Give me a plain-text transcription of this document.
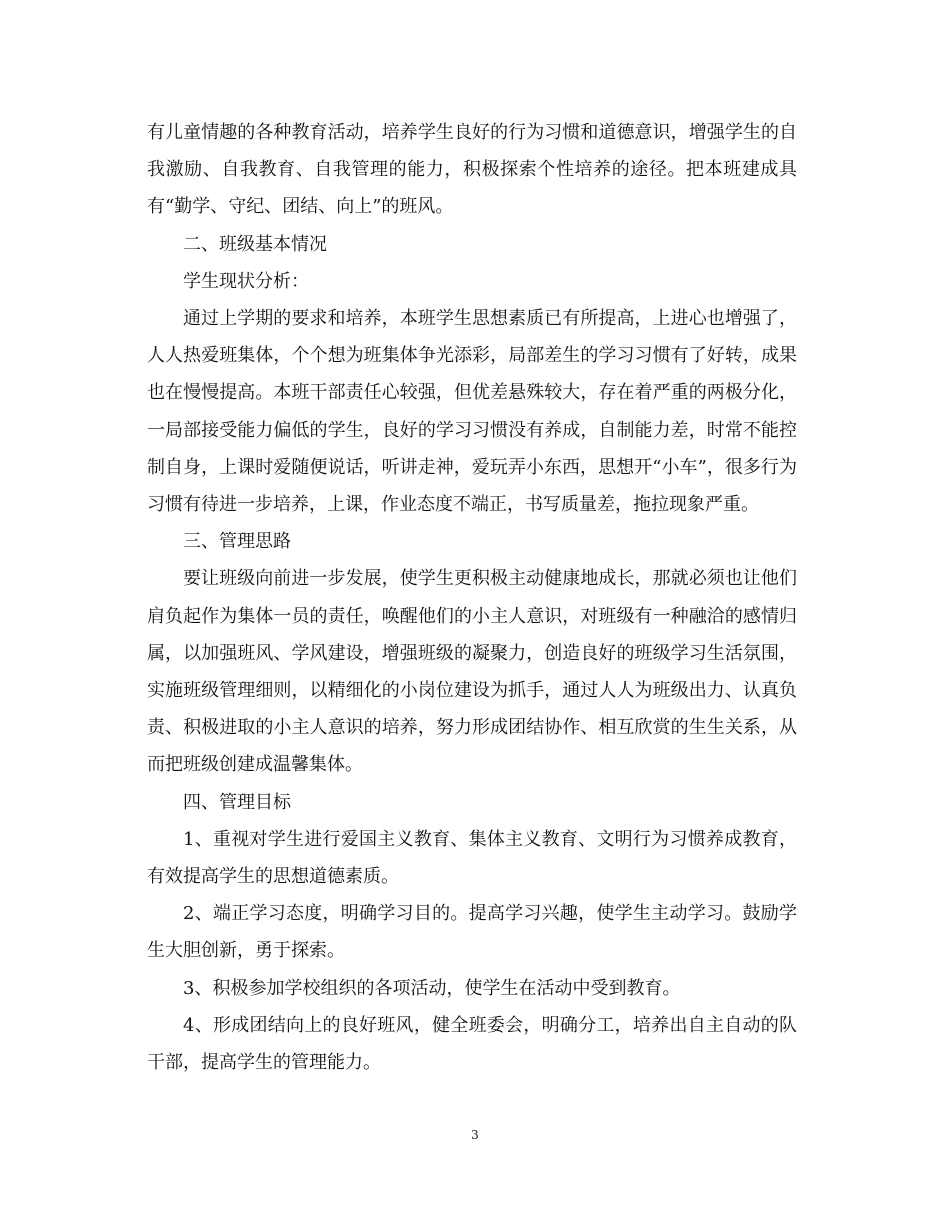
有儿童情趣的各种教育活动，培养学生良好的行为习惯和道德意识，增强学生的自我激励、自我教育、自我管理的能力，积极探索个性培养的途径。把本班建成具有“勤学、守纪、团结、向上”的班风。

二、班级基本情况

学生现状分析：

通过上学期的要求和培养，本班学生思想素质已有所提高，上进心也增强了，人人热爱班集体，个个想为班集体争光添彩，局部差生的学习习惯有了好转，成果也在慢慢提高。本班干部责任心较强，但优差悬殊较大，存在着严重的两极分化，一局部接受能力偏低的学生，良好的学习习惯没有养成，自制能力差，时常不能控制自身，上课时爱随便说话，听讲走神，爱玩弄小东西，思想开“小车”，很多行为习惯有待进一步培养，上课，作业态度不端正，书写质量差，拖拉现象严重。

三、管理思路

要让班级向前进一步发展，使学生更积极主动健康地成长，那就必须也让他们肩负起作为集体一员的责任，唤醒他们的小主人意识，对班级有一种融洽的感情归属，以加强班风、学风建设，增强班级的凝聚力，创造良好的班级学习生活氛围，实施班级管理细则，以精细化的小岗位建设为抓手，通过人人为班级出力、认真负责、积极进取的小主人意识的培养，努力形成团结协作、相互欣赏的生生关系，从而把班级创建成温馨集体。

四、管理目标

1、重视对学生进行爱国主义教育、集体主义教育、文明行为习惯养成教育，有效提高学生的思想道德素质。

2、端正学习态度，明确学习目的。提高学习兴趣，使学生主动学习。鼓励学生大胆创新，勇于探索。

3、积极参加学校组织的各项活动，使学生在活动中受到教育。

4、形成团结向上的良好班风，健全班委会，明确分工，培养出自主自动的队干部，提高学生的管理能力。

3
